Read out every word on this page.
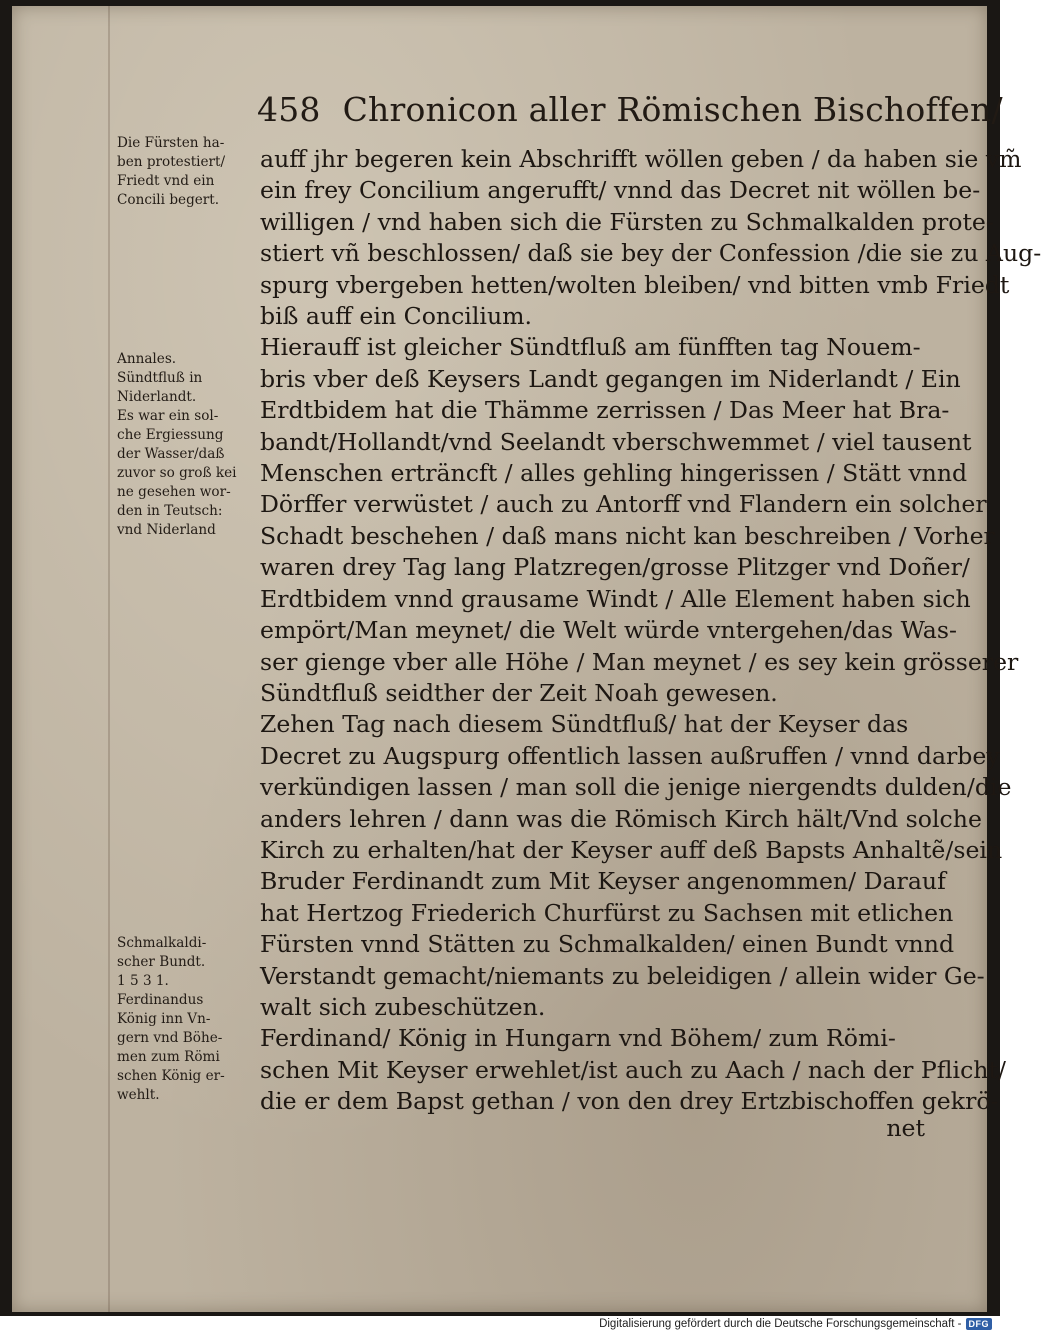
458 Chronicon aller Römischen Bischoffen/
auff jhr begeren kein Abschrifft wöllen geben / da haben sie vm̃
ein frey Concilium angerufft/ vnnd das Decret nit wöllen be-
willigen / vnd haben sich die Fürsten zu Schmalkalden prote-
stiert vñ beschlossen/ daß sie bey der Confession /die sie zu Aug-
spurg vbergeben hetten/wolten bleiben/ vnd bitten vmb Friedt
biß auff ein Concilium.
Hierauff ist gleicher Sündtfluß am fünfften tag Nouem-
bris vber deß Keysers Landt gegangen im Niderlandt / Ein
Erdtbidem hat die Thämme zerrissen / Das Meer hat Bra-
bandt/Hollandt/vnd Seelandt vberschwemmet / viel tausent
Menschen erträncft / alles gehling hingerissen / Stätt vnnd
Dörffer verwüstet / auch zu Antorff vnd Flandern ein solcher
Schadt beschehen / daß mans nicht kan beschreiben / Vorher
waren drey Tag lang Platzregen/grosse Plitzger vnd Doñer/
Erdtbidem vnnd grausame Windt / Alle Element haben sich
empört/Man meynet/ die Welt würde vntergehen/das Was-
ser gienge vber alle Höhe / Man meynet / es sey kein grösserer
Sündtfluß seidther der Zeit Noah gewesen.
Zehen Tag nach diesem Sündtfluß/ hat der Keyser das
Decret zu Augspurg offentlich lassen außruffen / vnnd darbey
verkündigen lassen / man soll die jenige niergendts dulden/die
anders lehren / dann was die Römisch Kirch hält/Vnd solche
Kirch zu erhalten/hat der Keyser auff deß Bapsts Anhaltẽ/sein
Bruder Ferdinandt zum Mit Keyser angenommen/ Darauf
hat Hertzog Friederich Churfürst zu Sachsen mit etlichen
Fürsten vnnd Stätten zu Schmalkalden/ einen Bundt vnnd
Verstandt gemacht/niemants zu beleidigen / allein wider Ge-
walt sich zubeschützen.
Ferdinand/ König in Hungarn vnd Böhem/ zum Römi-
schen Mit Keyser erwehlet/ist auch zu Aach / nach der Pflicht/
die er dem Bapst gethan / von den drey Ertzbischoffen gekrö-
net
Die Fürsten ha-
ben protestiert/
Friedt vnd ein
Concili begert.
Annales.
Sündtfluß in
Niderlandt.
Es war ein sol-
che Ergiessung
der Wasser/daß
zuvor so groß kei
ne gesehen wor-
den in Teutsch:
vnd Niderland
Schmalkaldi-
scher Bundt.
1 5 3 1.
Ferdinandus
König inn Vn-
gern vnd Böhe-
men zum Römi
schen König er-
wehlt.
Digitalisierung gefördert durch die Deutsche Forschungsgemeinschaft - DFG
